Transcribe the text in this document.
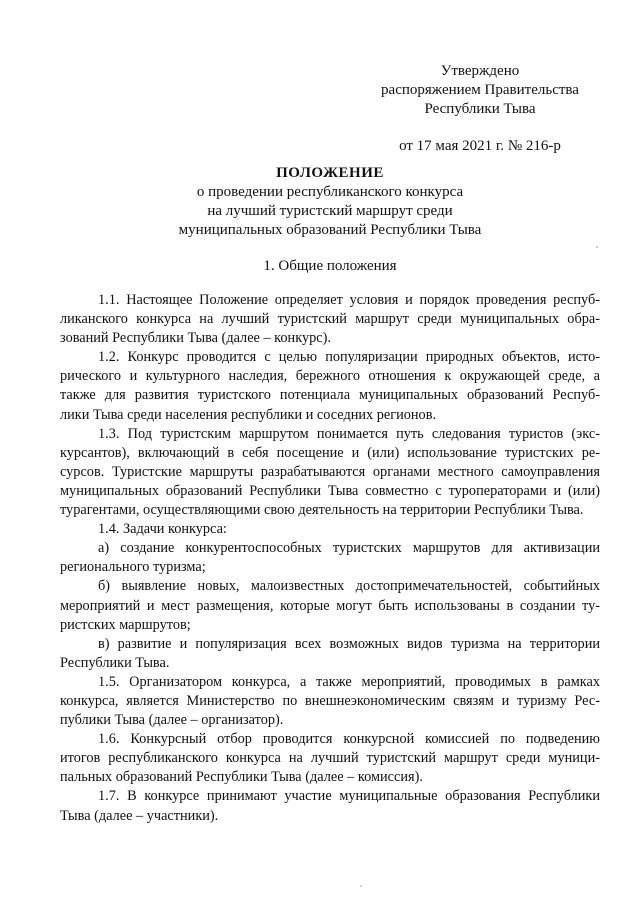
Утверждено
распоряжением Правительства
Республики Тыва
от 17 мая 2021 г. № 216-р
ПОЛОЖЕНИЕ
о проведении республиканского конкурса
на лучший туристский маршрут среди
муниципальных образований Республики Тыва
1. Общие положения
1.1. Настоящее Положение определяет условия и порядок проведения респуб-
ликанского конкурса на лучший туристский маршрут среди муниципальных обра-
зований Республики Тыва (далее – конкурс).
1.2. Конкурс проводится с целью популяризации природных объектов, исто-
рического и культурного наследия, бережного отношения к окружающей среде, а
также для развития туристского потенциала муниципальных образований Респуб-
лики Тыва среди населения республики и соседних регионов.
1.3. Под туристским маршрутом понимается путь следования туристов (экс-
курсантов), включающий в себя посещение и (или) использование туристских ре-
сурсов. Туристские маршруты разрабатываются органами местного самоуправления
муниципальных образований Республики Тыва совместно с туроператорами и (или)
турагентами, осуществляющими свою деятельность на территории Республики Тыва.
1.4. Задачи конкурса:
а) создание конкурентоспособных туристских маршрутов для активизации
регионального туризма;
б) выявление новых, малоизвестных достопримечательностей, событийных
мероприятий и мест размещения, которые могут быть использованы в создании ту-
ристских маршрутов;
в) развитие и популяризация всех возможных видов туризма на территории
Республики Тыва.
1.5. Организатором конкурса, а также мероприятий, проводимых в рамках
конкурса, является Министерство по внешнеэкономическим связям и туризму Рес-
публики Тыва (далее – организатор).
1.6. Конкурсный отбор проводится конкурсной комиссией по подведению
итогов республиканского конкурса на лучший туристский маршрут среди муници-
пальных образований Республики Тыва (далее – комиссия).
1.7. В конкурсе принимают участие муниципальные образования Республики
Тыва (далее – участники).
